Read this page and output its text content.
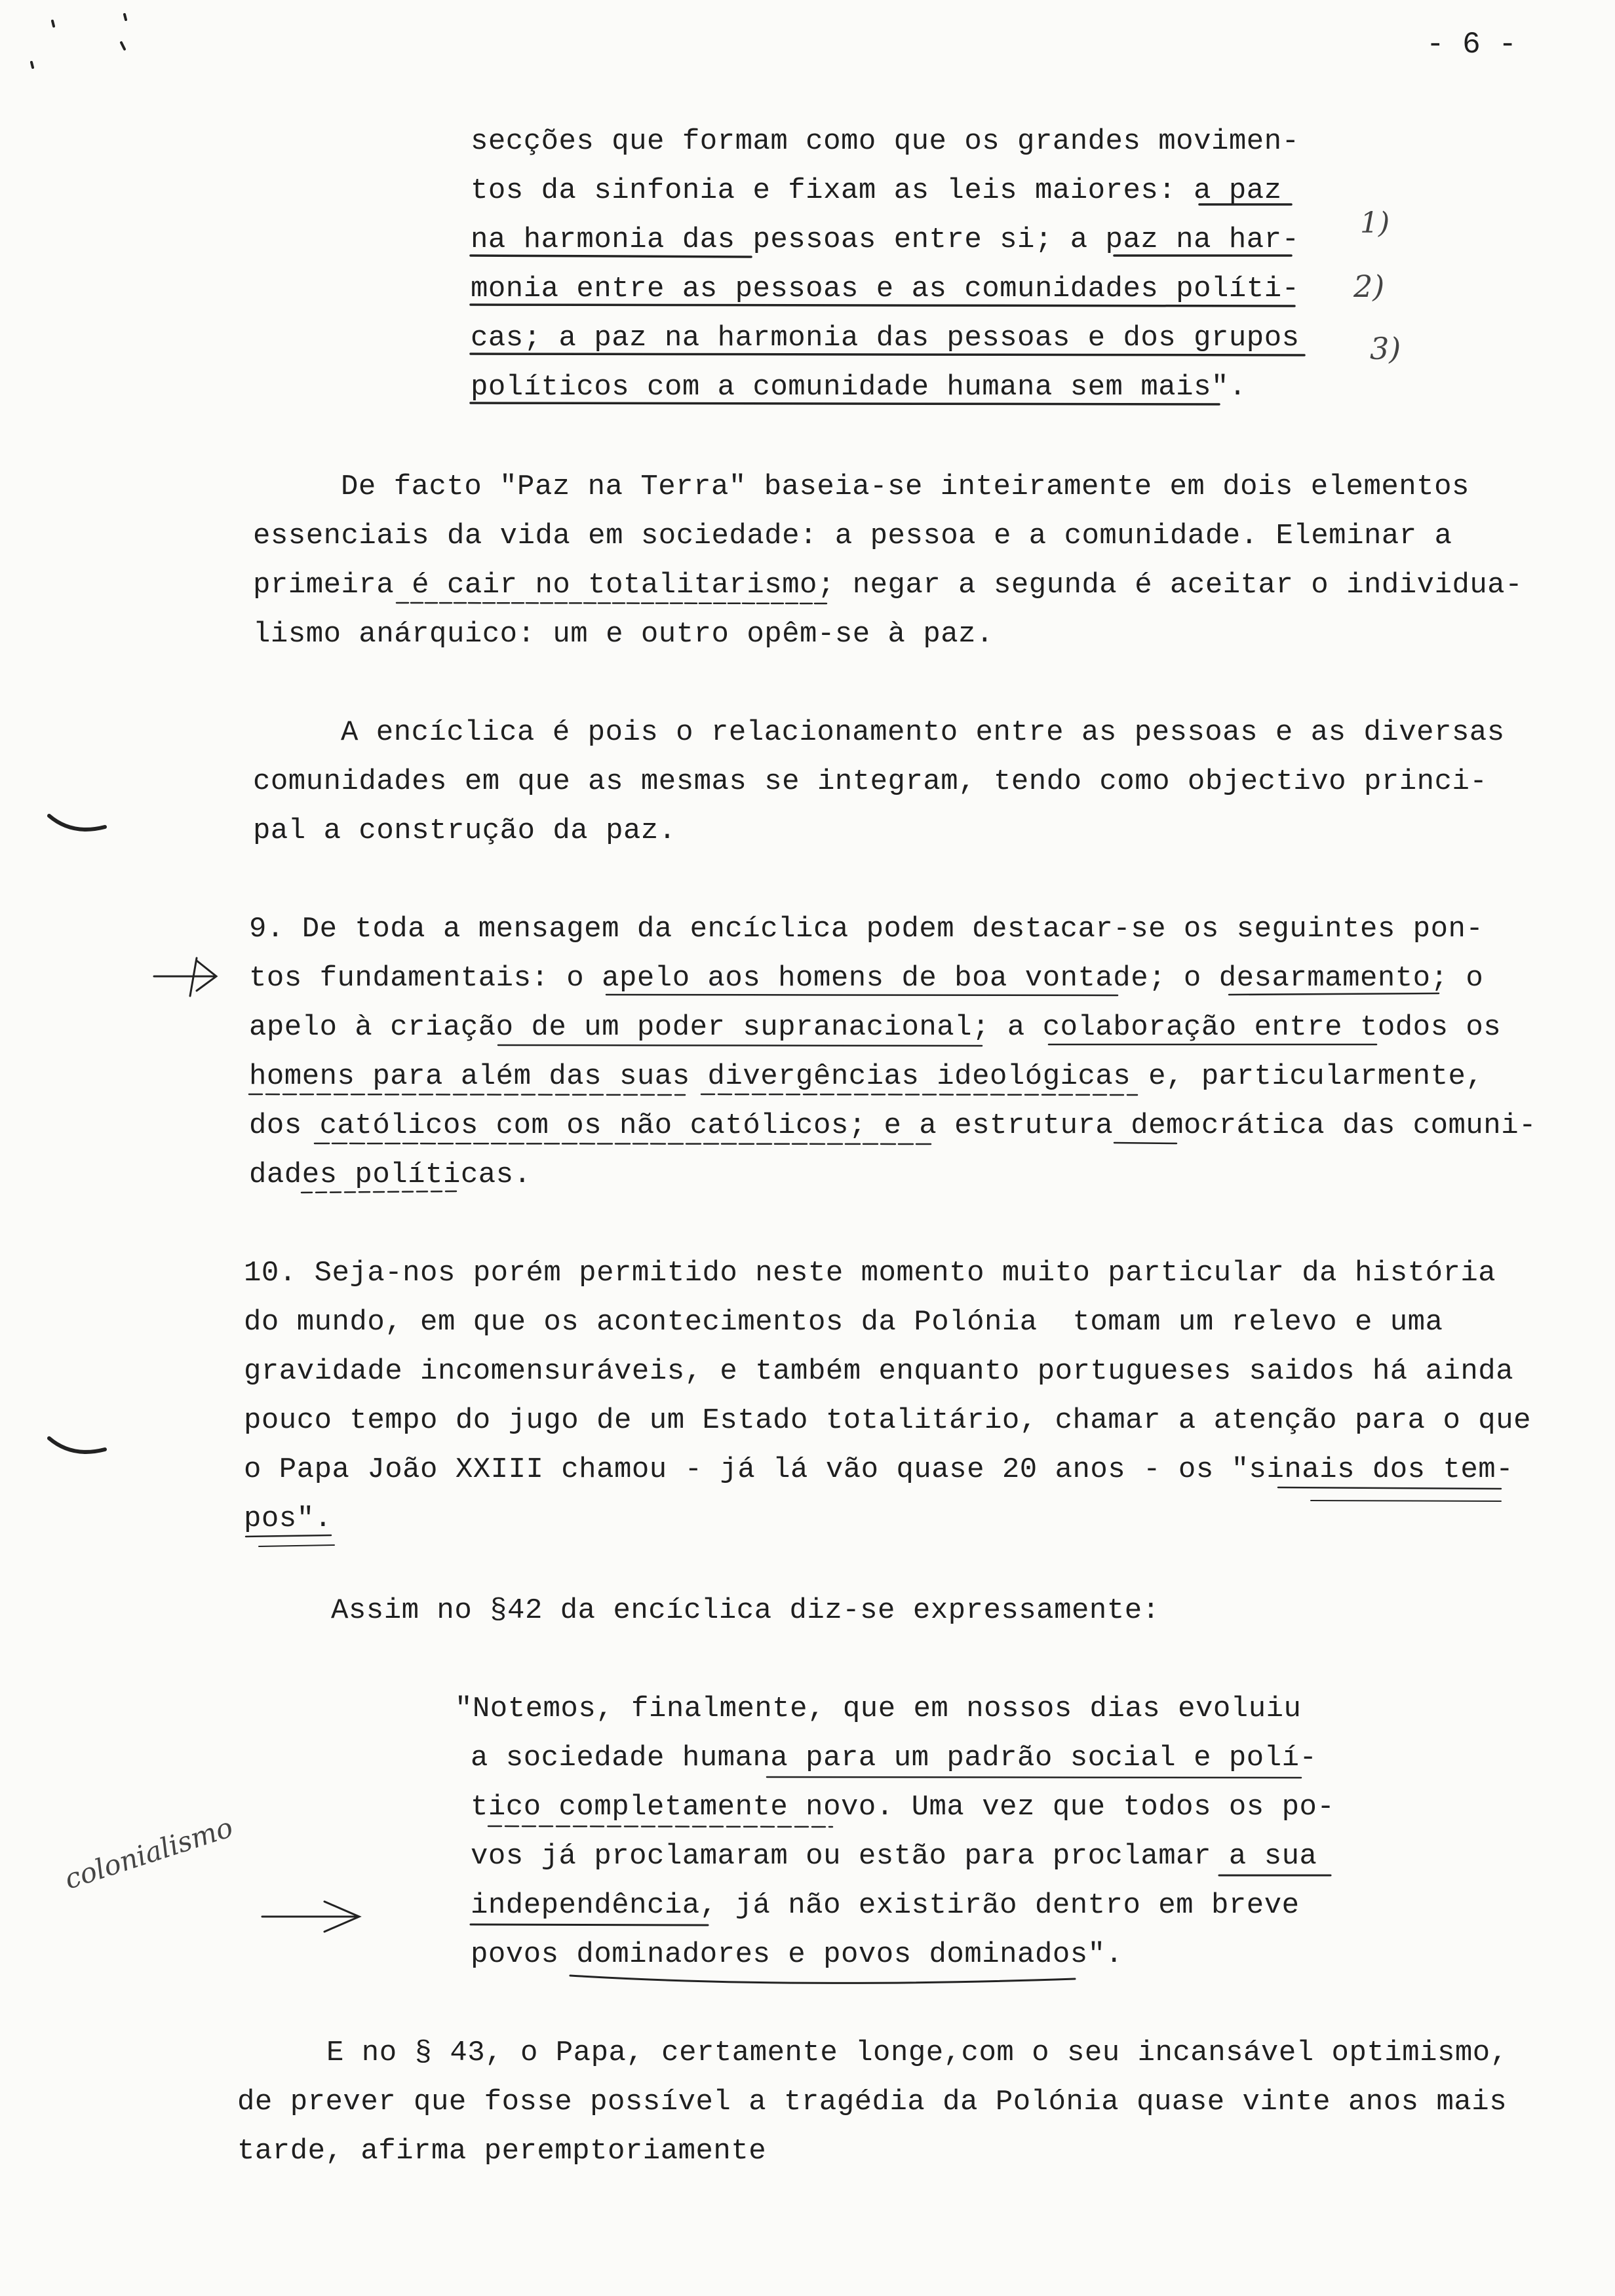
- 6 -
secções que formam como que os grandes movimen-
tos da sinfonia e fixam as leis maiores: a paz
na harmonia das pessoas entre si; a paz na har-
monia entre as pessoas e as comunidades políti-
cas; a paz na harmonia das pessoas e dos grupos
políticos com a comunidade humana sem mais".
De facto "Paz na Terra" baseia-se inteiramente em dois elementos
essenciais da vida em sociedade: a pessoa e a comunidade. Eleminar a
primeira é cair no totalitarismo; negar a segunda é aceitar o individua-
lismo anárquico: um e outro opêm-se à paz.
A encíclica é pois o relacionamento entre as pessoas e as diversas
comunidades em que as mesmas se integram, tendo como objectivo princi-
pal a construção da paz.
9. De toda a mensagem da encíclica podem destacar-se os seguintes pon-
tos fundamentais: o apelo aos homens de boa vontade; o desarmamento; o
apelo à criação de um poder supranacional; a colaboração entre todos os
homens para além das suas divergências ideológicas e, particularmente,
dos católicos com os não católicos; e a estrutura democrática das comuni-
dades políticas.
10. Seja-nos porém permitido neste momento muito particular da história
do mundo, em que os acontecimentos da Polónia  tomam um relevo e uma
gravidade incomensuráveis, e também enquanto portugueses saidos há ainda
pouco tempo do jugo de um Estado totalitário, chamar a atenção para o que
o Papa João XXIII chamou - já lá vão quase 20 anos - os "sinais dos tem-
pos".
Assim no §42 da encíclica diz-se expressamente:
"Notemos, finalmente, que em nossos dias evoluiu
a sociedade humana para um padrão social e polí-
tico completamente novo. Uma vez que todos os po-
vos já proclamaram ou estão para proclamar a sua
independência, já não existirão dentro em breve
povos dominadores e povos dominados".
E no § 43, o Papa, certamente longe,com o seu incansável optimismo,
de prever que fosse possível a tragédia da Polónia quase vinte anos mais
tarde, afirma peremptoriamente
1)
2)
3)
colonialismo
